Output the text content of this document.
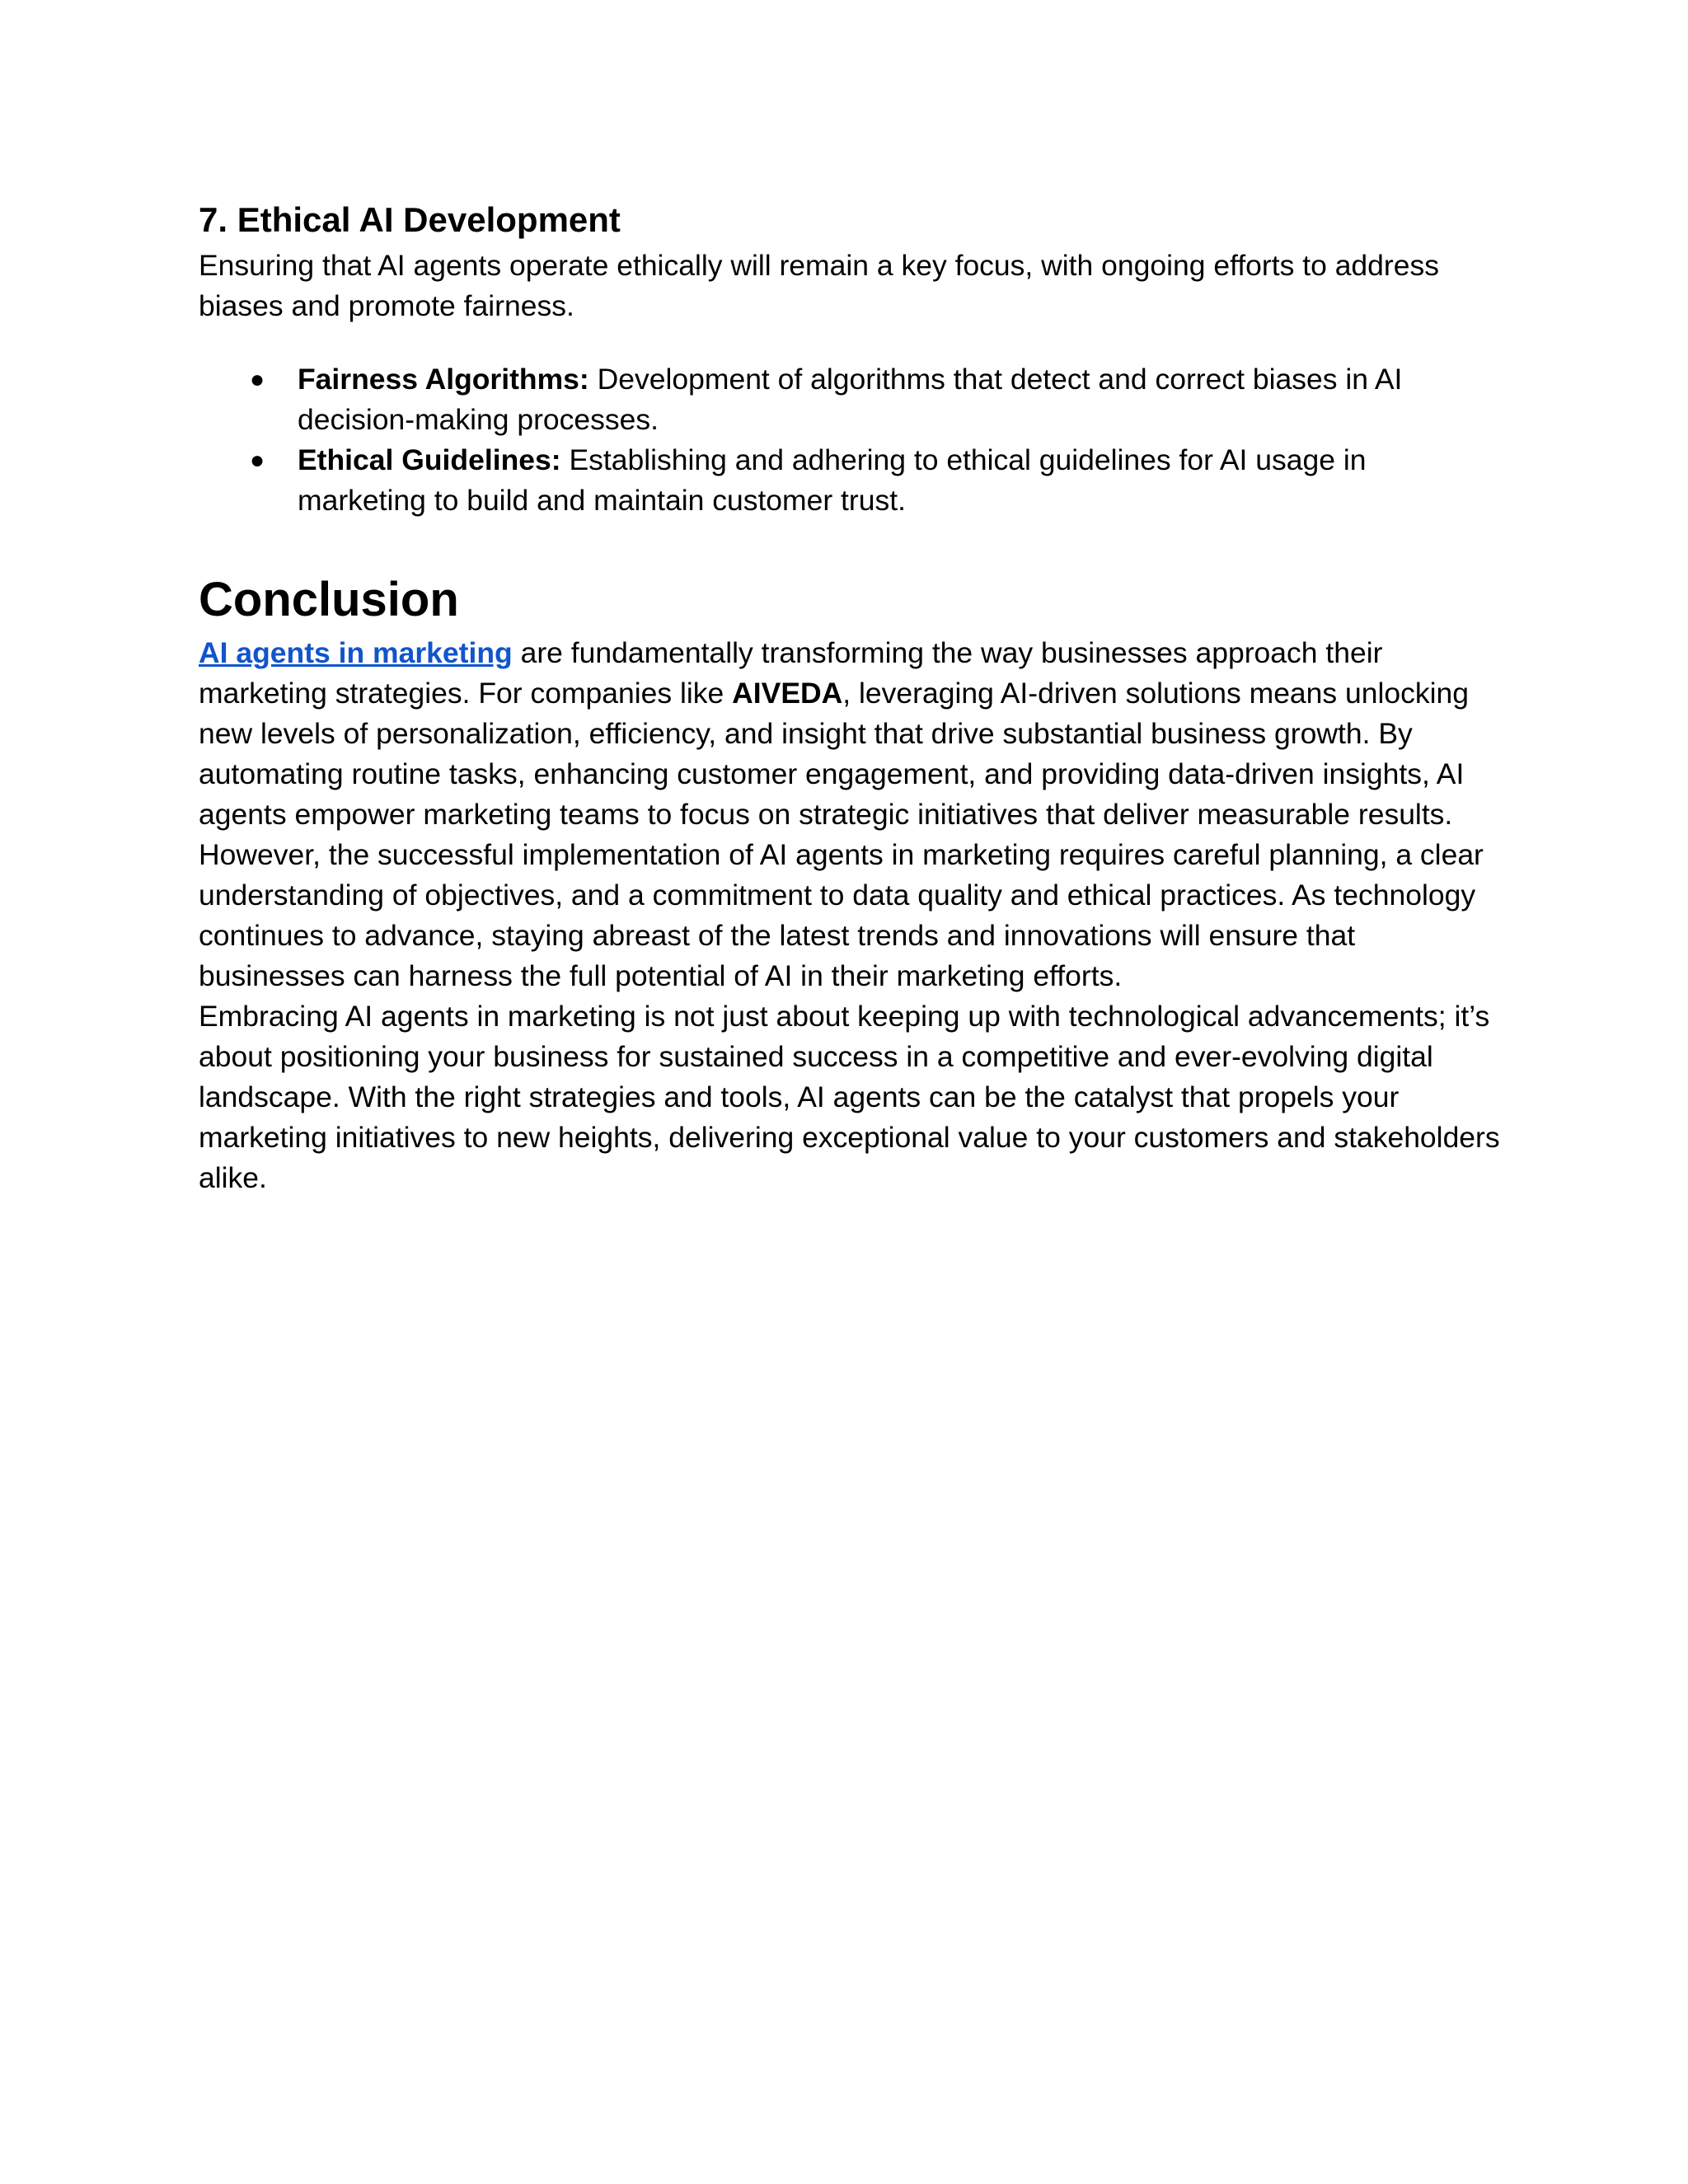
7. Ethical AI Development

Ensuring that AI agents operate ethically will remain a key focus, with ongoing efforts to address biases and promote fairness.

● Fairness Algorithms: Development of algorithms that detect and correct biases in AI decision-making processes.
● Ethical Guidelines: Establishing and adhering to ethical guidelines for AI usage in marketing to build and maintain customer trust.
Conclusion

AI agents in marketing are fundamentally transforming the way businesses approach their marketing strategies. For companies like AIVEDA, leveraging AI-driven solutions means unlocking new levels of personalization, efficiency, and insight that drive substantial business growth. By automating routine tasks, enhancing customer engagement, and providing data-driven insights, AI agents empower marketing teams to focus on strategic initiatives that deliver measurable results.

However, the successful implementation of AI agents in marketing requires careful planning, a clear understanding of objectives, and a commitment to data quality and ethical practices. As technology continues to advance, staying abreast of the latest trends and innovations will ensure that businesses can harness the full potential of AI in their marketing efforts.

Embracing AI agents in marketing is not just about keeping up with technological advancements; it’s about positioning your business for sustained success in a competitive and ever-evolving digital landscape. With the right strategies and tools, AI agents can be the catalyst that propels your marketing initiatives to new heights, delivering exceptional value to your customers and stakeholders alike.
